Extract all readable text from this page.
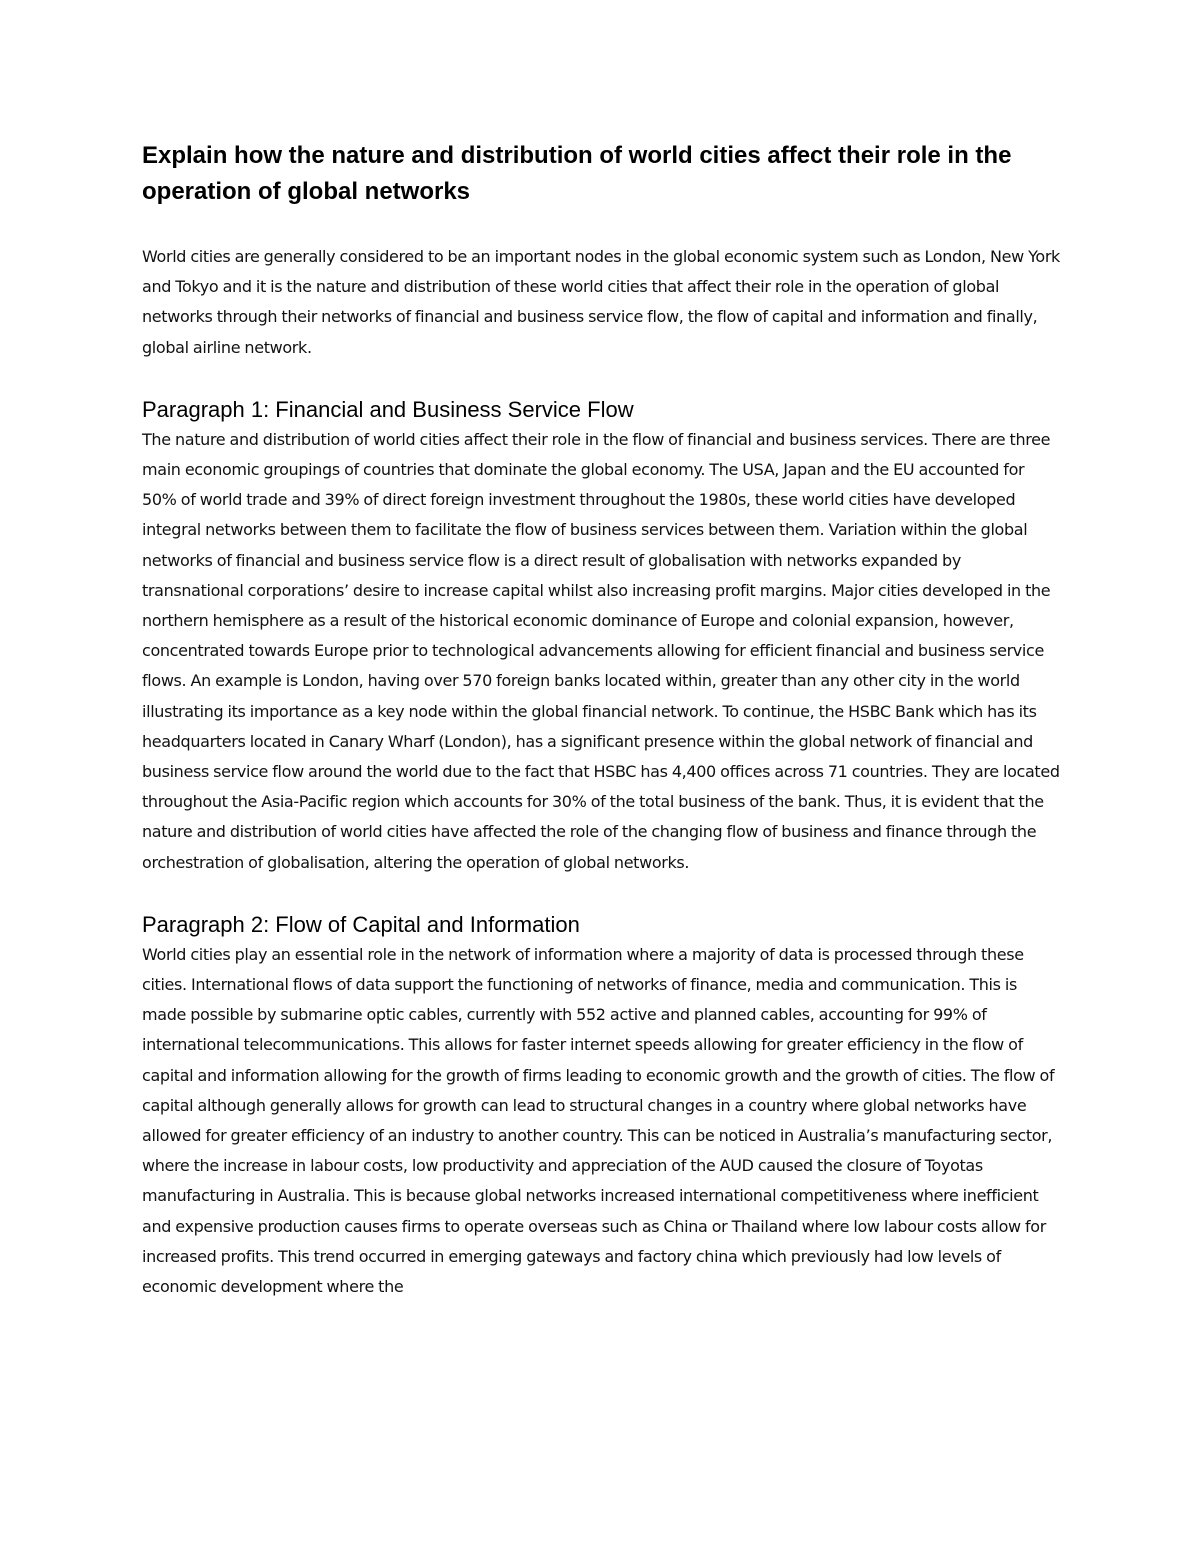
Explain how the nature and distribution of world cities affect their role in the operation of global networks

World cities are generally considered to be an important nodes in the global economic system such as London, New York and Tokyo and it is the nature and distribution of these world cities that affect their role in the operation of global networks through their networks of financial and business service flow, the flow of capital and information and finally, global airline network.

Paragraph 1: Financial and Business Service Flow

The nature and distribution of world cities affect their role in the flow of financial and business services. There are three main economic groupings of countries that dominate the global economy. The USA, Japan and the EU accounted for 50% of world trade and 39% of direct foreign investment throughout the 1980s, these world cities have developed integral networks between them to facilitate the flow of business services between them. Variation within the global networks of financial and business service flow is a direct result of globalisation with networks expanded by transnational corporations’ desire to increase capital whilst also increasing profit margins. Major cities developed in the northern hemisphere as a result of the historical economic dominance of Europe and colonial expansion, however, concentrated towards Europe prior to technological advancements allowing for efficient financial and business service flows. An example is London, having over 570 foreign banks located within, greater than any other city in the world illustrating its importance as a key node within the global financial network. To continue, the HSBC Bank which has its headquarters located in Canary Wharf (London), has a significant presence within the global network of financial and business service flow around the world due to the fact that HSBC has 4,400 offices across 71 countries. They are located throughout the Asia-Pacific region which accounts for 30% of the total business of the bank. Thus, it is evident that the nature and distribution of world cities have affected the role of the changing flow of business and finance through the orchestration of globalisation, altering the operation of global networks.

Paragraph 2: Flow of Capital and Information

World cities play an essential role in the network of information where a majority of data is processed through these cities. International flows of data support the functioning of networks of finance, media and communication. This is made possible by submarine optic cables, currently with 552 active and planned cables, accounting for 99% of international telecommunications. This allows for faster internet speeds allowing for greater efficiency in the flow of capital and information allowing for the growth of firms leading to economic growth and the growth of cities. The flow of capital although generally allows for growth can lead to structural changes in a country where global networks have allowed for greater efficiency of an industry to another country. This can be noticed in Australia’s manufacturing sector, where the increase in labour costs, low productivity and appreciation of the AUD caused the closure of Toyotas manufacturing in Australia. This is because global networks increased international competitiveness where inefficient and expensive production causes firms to operate overseas such as China or Thailand where low labour costs allow for increased profits. This trend occurred in emerging gateways and factory china which previously had low levels of economic development where the
